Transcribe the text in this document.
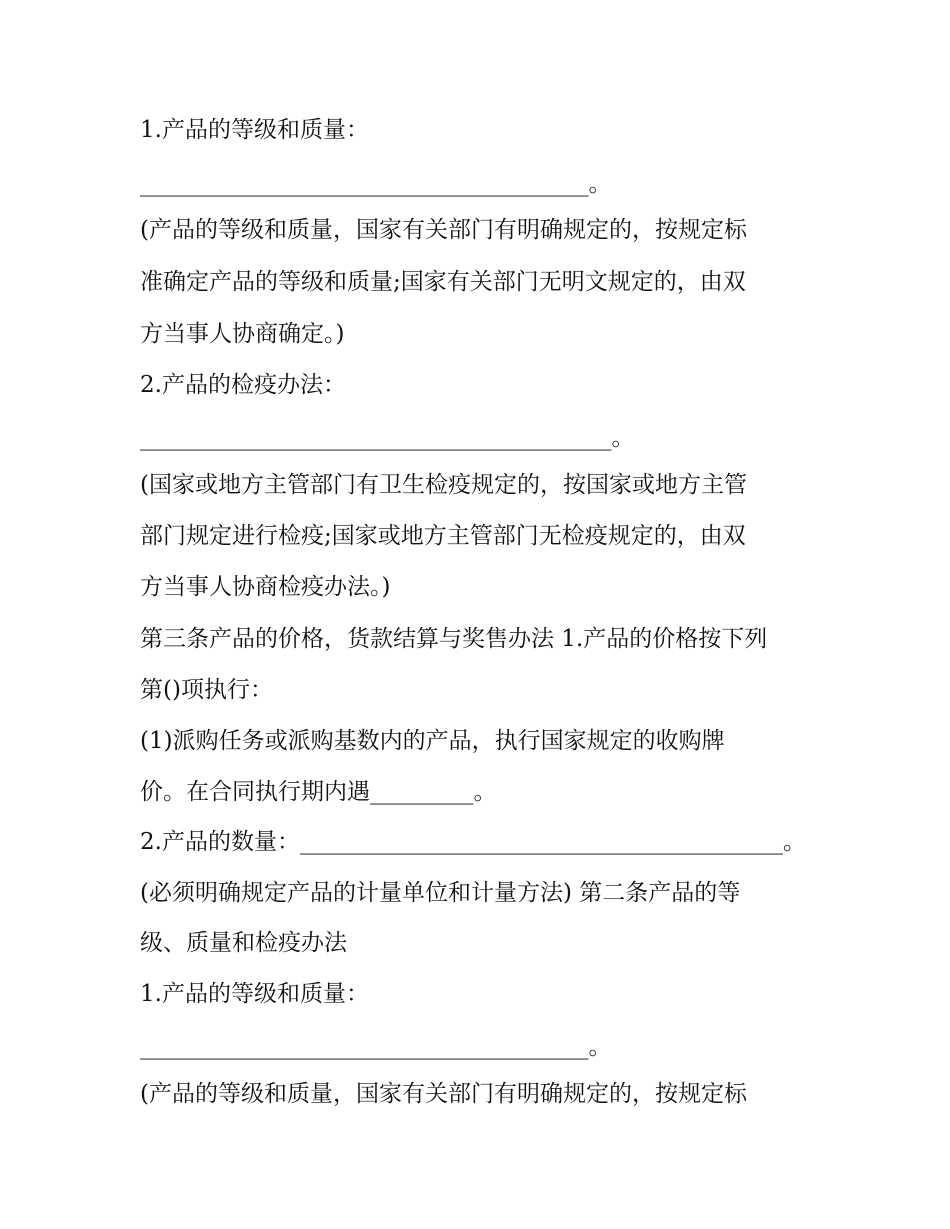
1.产品的等级和质量：
_______________________________________。
(产品的等级和质量，国家有关部门有明确规定的，按规定标
准确定产品的等级和质量;国家有关部门无明文规定的，由双
方当事人协商确定。)
2.产品的检疫办法：
_________________________________________。
(国家或地方主管部门有卫生检疫规定的，按国家或地方主管
部门规定进行检疫;国家或地方主管部门无检疫规定的，由双
方当事人协商检疫办法。)
第三条产品的价格，货款结算与奖售办法 1.产品的价格按下列
第()项执行：
(1)派购任务或派购基数内的产品，执行国家规定的收购牌
价。在合同执行期内遇_________。
2.产品的数量：__________________________________________。
(必须明确规定产品的计量单位和计量方法) 第二条产品的等
级、质量和检疫办法
1.产品的等级和质量：
_______________________________________。
(产品的等级和质量，国家有关部门有明确规定的，按规定标
